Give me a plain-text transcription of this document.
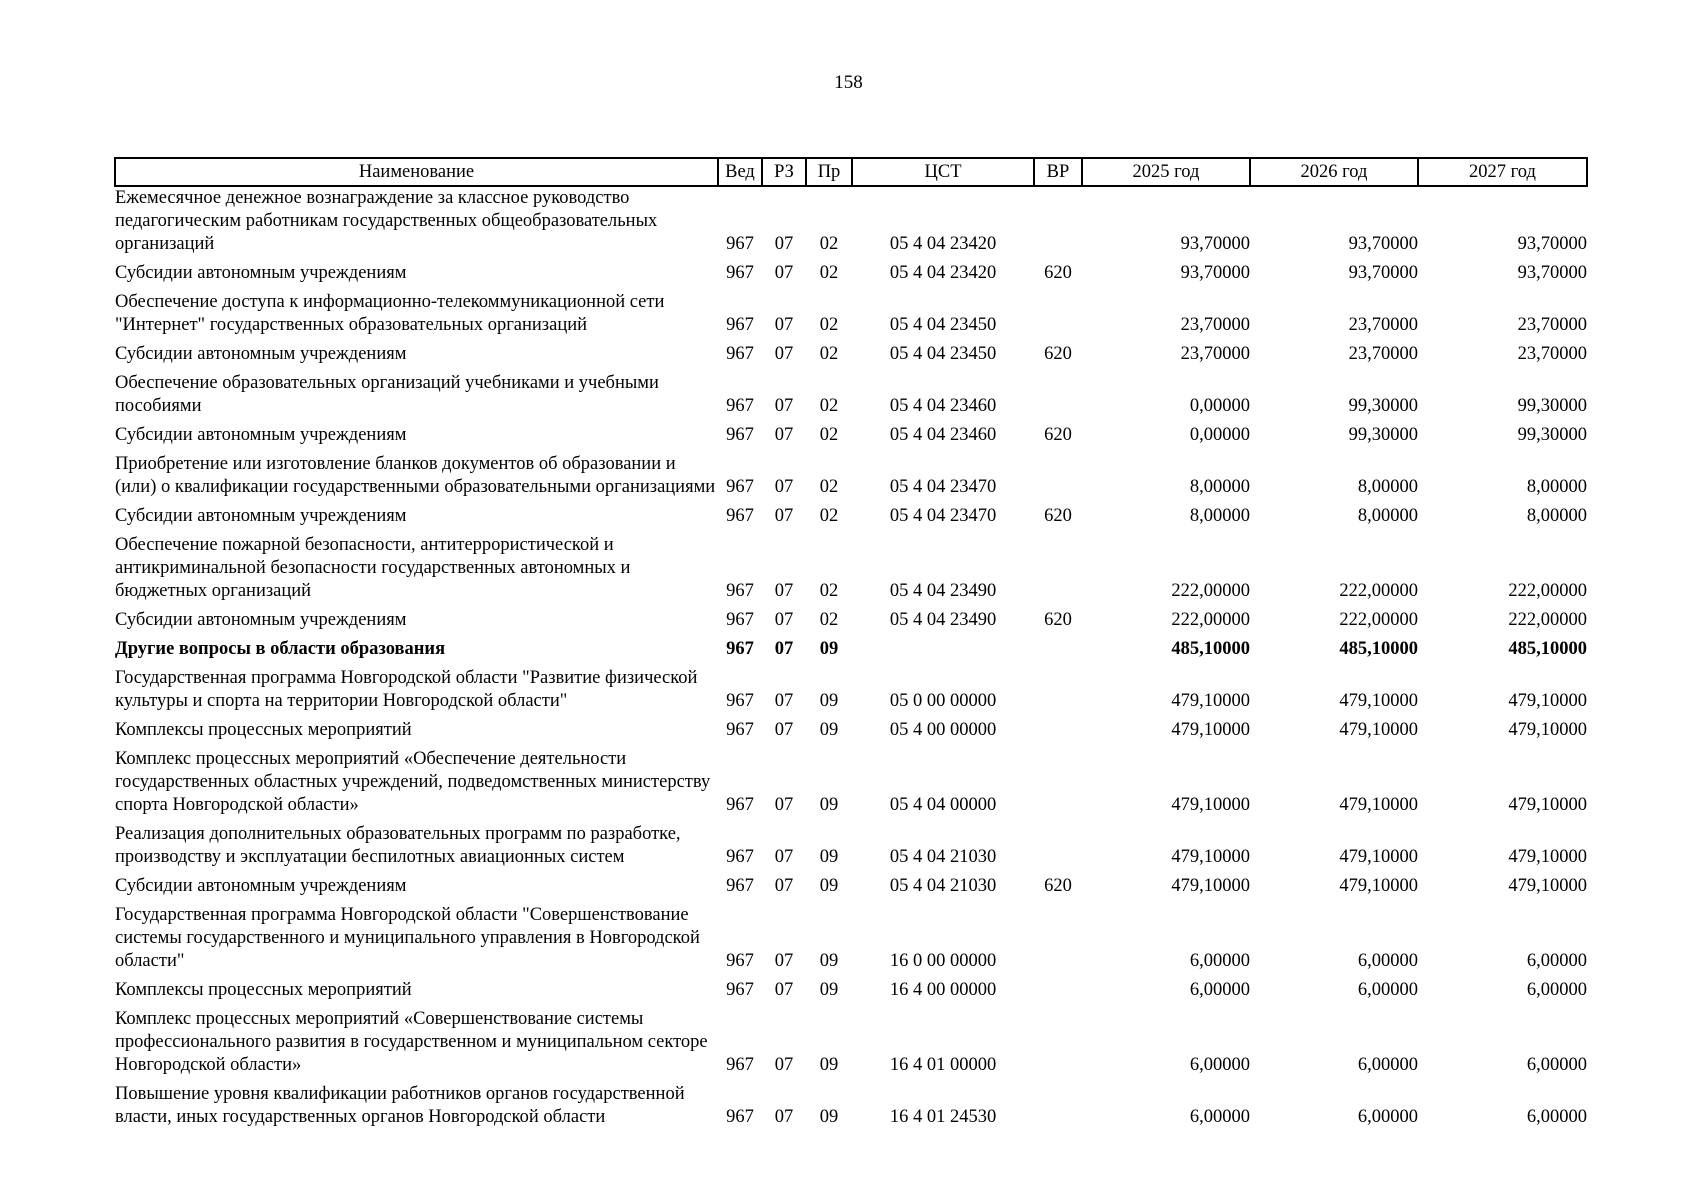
158
Наименование	Вед	РЗ	Пр	ЦСТ	ВР	2025 год	2026 год	2027 год
Ежемесячное денежное вознаграждение за классное руководство педагогическим работникам государственных общеобразовательных организаций	967	07	02	05 4 04 23420		93,70000	93,70000	93,70000
Субсидии автономным учреждениям	967	07	02	05 4 04 23420	620	93,70000	93,70000	93,70000
Обеспечение доступа к информационно-телекоммуникационной сети "Интернет" государственных образовательных организаций	967	07	02	05 4 04 23450		23,70000	23,70000	23,70000
Субсидии автономным учреждениям	967	07	02	05 4 04 23450	620	23,70000	23,70000	23,70000
Обеспечение образовательных организаций учебниками и учебными пособиями	967	07	02	05 4 04 23460		0,00000	99,30000	99,30000
Субсидии автономным учреждениям	967	07	02	05 4 04 23460	620	0,00000	99,30000	99,30000
Приобретение или изготовление бланков документов об образовании и (или) о квалификации государственными образовательными организациями	967	07	02	05 4 04 23470		8,00000	8,00000	8,00000
Субсидии автономным учреждениям	967	07	02	05 4 04 23470	620	8,00000	8,00000	8,00000
Обеспечение пожарной безопасности, антитеррористической и антикриминальной безопасности государственных автономных и бюджетных организаций	967	07	02	05 4 04 23490		222,00000	222,00000	222,00000
Субсидии автономным учреждениям	967	07	02	05 4 04 23490	620	222,00000	222,00000	222,00000
Другие вопросы в области образования	967	07	09			485,10000	485,10000	485,10000
Государственная программа Новгородской области "Развитие физической культуры и спорта на территории Новгородской области"	967	07	09	05 0 00 00000		479,10000	479,10000	479,10000
Комплексы процессных мероприятий	967	07	09	05 4 00 00000		479,10000	479,10000	479,10000
Комплекс процессных мероприятий «Обеспечение деятельности государственных областных учреждений, подведомственных министерству спорта Новгородской области»	967	07	09	05 4 04 00000		479,10000	479,10000	479,10000
Реализация дополнительных образовательных программ по разработке, производству и эксплуатации беспилотных авиационных систем	967	07	09	05 4 04 21030		479,10000	479,10000	479,10000
Субсидии автономным учреждениям	967	07	09	05 4 04 21030	620	479,10000	479,10000	479,10000
Государственная программа Новгородской области "Совершенствование системы государственного и муниципального управления в Новгородской области"	967	07	09	16 0 00 00000		6,00000	6,00000	6,00000
Комплексы процессных мероприятий	967	07	09	16 4 00 00000		6,00000	6,00000	6,00000
Комплекс процессных мероприятий «Совершенствование системы профессионального развития в государственном и муниципальном секторе Новгородской области»	967	07	09	16 4 01 00000		6,00000	6,00000	6,00000
Повышение уровня квалификации работников органов государственной власти, иных государственных органов Новгородской области	967	07	09	16 4 01 24530		6,00000	6,00000	6,00000
